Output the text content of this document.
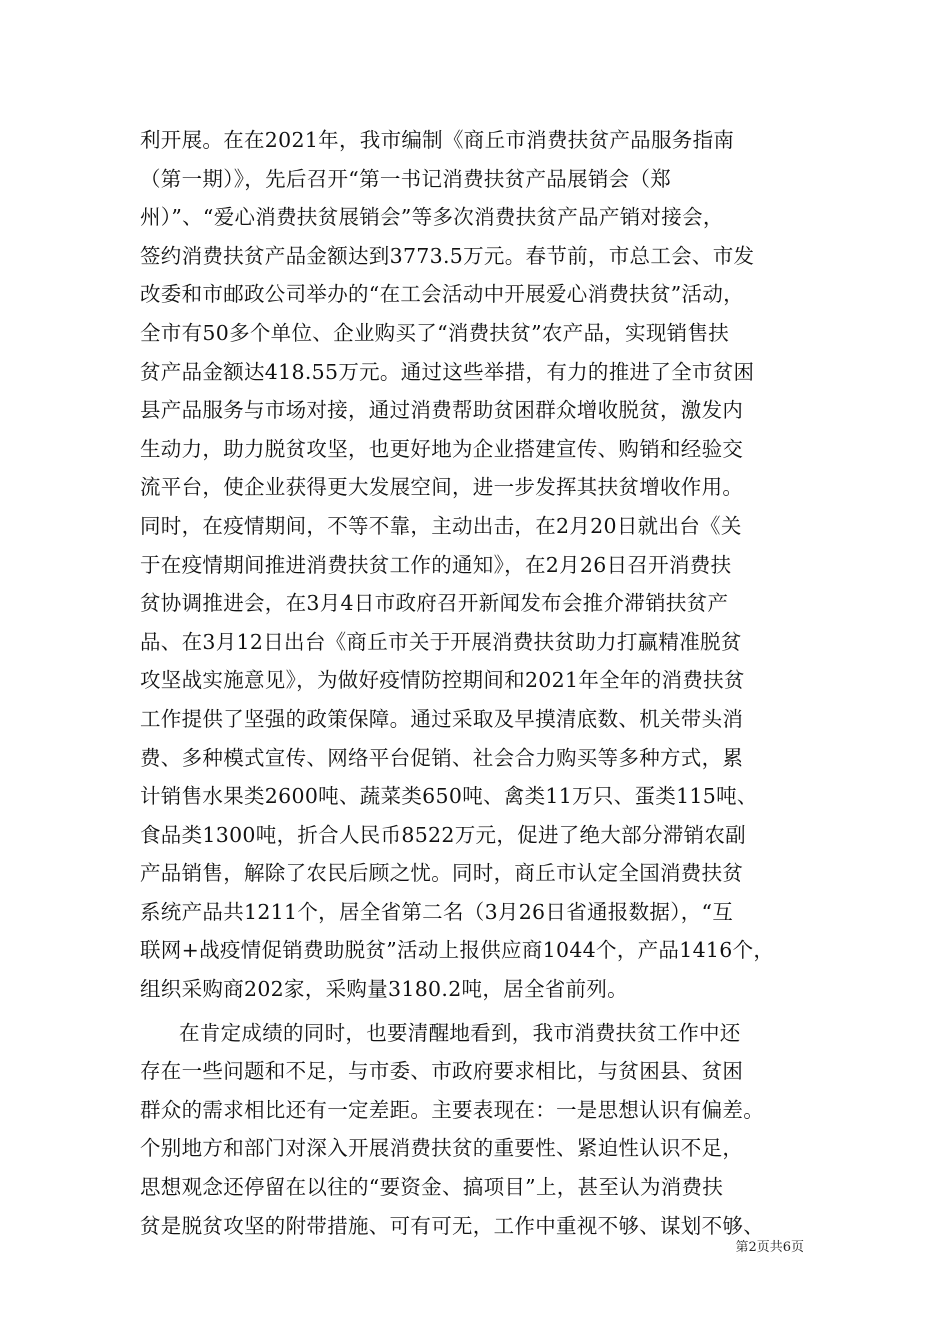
利开展。在在2021年，我市编制《商丘市消费扶贫产品服务指南
（第一期）》，先后召开“第一书记消费扶贫产品展销会（郑
州）”、“爱心消费扶贫展销会”等多次消费扶贫产品产销对接会，
签约消费扶贫产品金额达到3773.5万元。春节前，市总工会、市发
改委和市邮政公司举办的“在工会活动中开展爱心消费扶贫”活动，
全市有50多个单位、企业购买了“消费扶贫”农产品，实现销售扶
贫产品金额达418.55万元。通过这些举措，有力的推进了全市贫困
县产品服务与市场对接，通过消费帮助贫困群众增收脱贫，激发内
生动力，助力脱贫攻坚，也更好地为企业搭建宣传、购销和经验交
流平台，使企业获得更大发展空间，进一步发挥其扶贫增收作用。
同时，在疫情期间，不等不靠，主动出击，在2月20日就出台《关
于在疫情期间推进消费扶贫工作的通知》，在2月26日召开消费扶
贫协调推进会，在3月4日市政府召开新闻发布会推介滞销扶贫产
品、在3月12日出台《商丘市关于开展消费扶贫助力打赢精准脱贫
攻坚战实施意见》，为做好疫情防控期间和2021年全年的消费扶贫
工作提供了坚强的政策保障。通过采取及早摸清底数、机关带头消
费、多种模式宣传、网络平台促销、社会合力购买等多种方式，累
计销售水果类2600吨、蔬菜类650吨、禽类11万只、蛋类115吨、
食品类1300吨，折合人民币8522万元，促进了绝大部分滞销农副
产品销售，解除了农民后顾之忧。同时，商丘市认定全国消费扶贫
系统产品共1211个，居全省第二名（3月26日省通报数据），“互
联网+战疫情促销费助脱贫”活动上报供应商1044个，产品1416个，
组织采购商202家，采购量3180.2吨，居全省前列。
在肯定成绩的同时，也要清醒地看到，我市消费扶贫工作中还
存在一些问题和不足，与市委、市政府要求相比，与贫困县、贫困
群众的需求相比还有一定差距。主要表现在：一是思想认识有偏差。
个别地方和部门对深入开展消费扶贫的重要性、紧迫性认识不足，
思想观念还停留在以往的“要资金、搞项目”上，甚至认为消费扶
贫是脱贫攻坚的附带措施、可有可无，工作中重视不够、谋划不够、
第2页共6页
